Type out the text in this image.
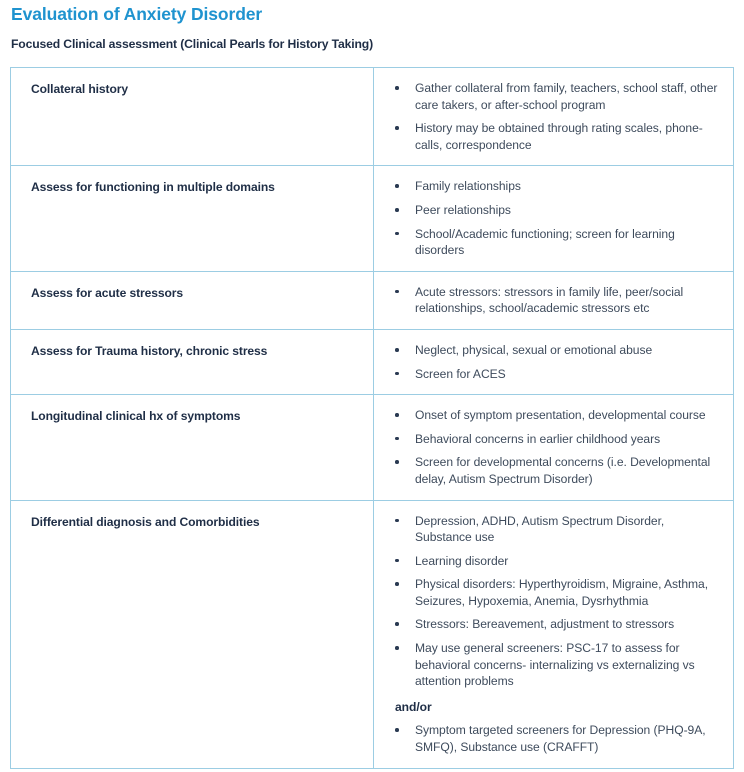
Evaluation of Anxiety Disorder
Focused Clinical assessment (Clinical Pearls for History Taking)
Collateral history	Gather collateral from family, teachers, school staff, other care takers, or after-school program
History may be obtained through rating scales, phone-calls, correspondence

Assess for functioning in multiple domains	Family relationships
Peer relationships
School/Academic functioning; screen for learning disorders

Assess for acute stressors	Acute stressors: stressors in family life, peer/social relationships, school/academic stressors etc

Assess for Trauma history, chronic stress	Neglect, physical, sexual or emotional abuse
Screen for ACES

Longitudinal clinical hx of symptoms	Onset of symptom presentation, developmental course
Behavioral concerns in earlier childhood years
Screen for developmental concerns (i.e. Developmental delay, Autism Spectrum Disorder)

Differential diagnosis and Comorbidities	Depression, ADHD, Autism Spectrum Disorder, Substance use
Learning disorder
Physical disorders: Hyperthyroidism, Migraine, Asthma, Seizures, Hypoxemia, Anemia, Dysrhythmia
Stressors: Bereavement, adjustment to stressors
May use general screeners: PSC-17 to assess for behavioral concerns- internalizing vs externalizing vs attention problems
and/or
Symptom targeted screeners for Depression (PHQ-9A, SMFQ), Substance use (CRAFFT)
